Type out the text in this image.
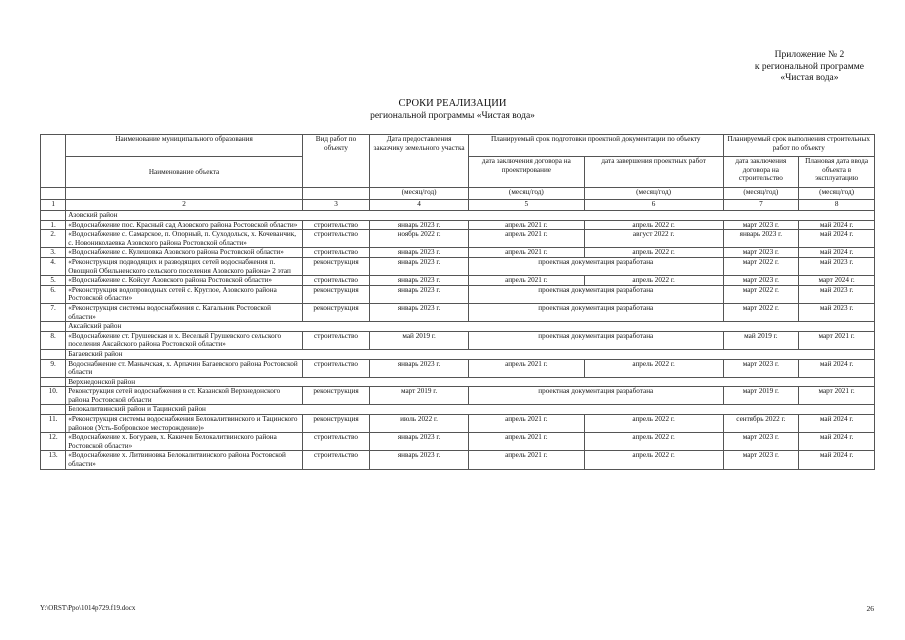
Приложение № 2
к региональной программе
«Чистая вода»
СРОКИ РЕАЛИЗАЦИИ
региональной программы «Чистая вода»
	Наименование муниципального образования	Вид работ по объекту	Дата предоставления заказчику земельного участка	Планируемый срок подготовки проектной документации по объекту		Планируемый срок выполнения строительных работ по объекту	
	Наименование объекта			дата заключения договора на проектирование	дата завершения проектных работ	дата заключения договора на строительство	Плановая дата ввода объекта в эксплуатацию
			(месяц/год)	(месяц/год)	(месяц/год)	(месяц/год)	(месяц/год)
1	2	3	4	5	6	7	8
	Азовский район						
1.	«Водоснабжение пос. Красный сад Азовского района Ростовской области»	строительство	январь 2023 г.	апрель 2021 г.	апрель 2022 г.	март 2023 г.	май 2024 г.
2.	«Водоснабжение с. Самарское, п. Опорный, п. Суходольск, х. Кочеванчик, с. Новониколаевка Азовского района Ростовской области»	строительство	ноябрь 2022 г.	апрель 2021 г.	август 2022 г.	январь 2023 г.	май 2024 г.
3.	«Водоснабжение с. Кулешовка Азовского района Ростовской области»	строительство	январь 2023 г.	апрель 2021 г.	апрель 2022 г.	март 2023 г.	май 2024 г.
4.	«Реконструкция подводящих и разводящих сетей водоснабжения п. Овощной Обильненского сельского поселения Азовского района» 2 этап	реконструкция	январь 2023 г.	проектная документация разработана		март 2022 г.	май 2023 г.
5.	«Водоснабжение с. Койсуг Азовского района Ростовской области»	строительство	январь 2023 г.	апрель 2021 г.	апрель 2022 г.	март 2023 г.	март 2024 г.
6.	«Реконструкция водопроводных сетей с. Круглое, Азовского района Ростовской области»	реконструкция	январь 2023 г.	проектная документация разработана		март 2022 г.	май 2023 г.
7.	«Реконструкция системы водоснабжения с. Кагальник Ростовской области»	реконструкция	январь 2023 г.	проектная документация разработана		март 2022 г.	май 2023 г.
	Аксайский район						
8.	«Водоснабжение ст. Грушевская и х. Веселый Грушевского сельского поселения Аксайского района Ростовской области»	строительство	май 2019 г.	проектная документация разработана		май 2019 г.	март 2021 г.
	Багаевский район						
9.	Водоснабжение ст. Манычская, х. Арпачин Багаевского района Ростовской области	строительство	январь 2023 г.	апрель 2021 г.	апрель 2022 г.	март 2023 г.	май 2024 г.
	Верхнедонской район						
10.	Реконструкция сетей водоснабжения в ст. Казанской Верхнедонского района Ростовской области	реконструкция	март 2019 г.	проектная документация разработана		март 2019 г.	март 2021 г.
	Белокалитвинский район и Тацинский район						
11.	«Реконструкция системы водоснабжения Белокалитвинского и Тацинского районов (Усть-Бобровское месторождение)»	реконструкция	июль 2022 г.	апрель 2021 г.	апрель 2022 г.	сентябрь 2022 г.	май 2024 г.
12.	«Водоснабжение х. Богураев, х. Какичев Белокалитвинского района Ростовской области»	строительство	январь 2023 г.	апрель 2021 г.	апрель 2022 г.	март 2023 г.	май 2024 г.
13.	«Водоснабжение х. Литвиновка Белокалитвинского района Ростовской области»	строительство	январь 2023 г.	апрель 2021 г.	апрель 2022 г.	март 2023 г.	май 2024 г.
Y:\ORST\Ppo\1014p729.f19.docx	26
